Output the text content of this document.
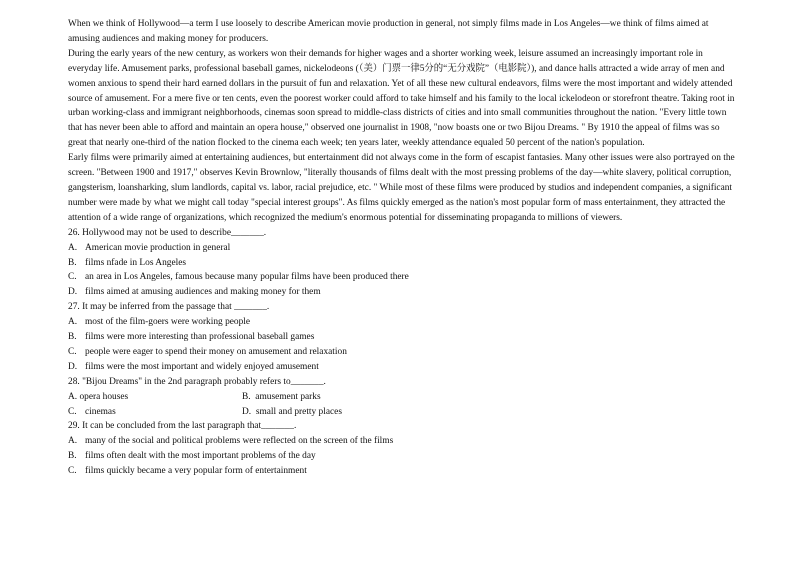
When we think of Hollywood—a term I use loosely to describe American movie production in general, not simply films made in Los Angeles—we think of films aimed at amusing audiences and making money for producers.

During the early years of the new century, as workers won their demands for higher wages and a shorter working week, leisure assumed an increasingly important role in everyday life. Amusement parks, professional baseball games, nickelodeons (（美）门票一律5分的“无分戏院”（电影院）), and dance halls attracted a wide array of men and women anxious to spend their hard earned dollars in the pursuit of fun and relaxation. Yet of all these new cultural endeavors, films were the most important and widely attended source of amusement. For a mere five or ten cents, even the poorest worker could afford to take himself and his family to the local ickelodeon or storefront theatre. Taking root in urban working-class and immigrant neighborhoods, cinemas soon spread to middle-class districts of cities and into small communities throughout the nation. "Every little town that has never been able to afford and maintain an opera house," observed one journalist in 1908, "now boasts one or two Bijou Dreams. " By 1910 the appeal of films was so great that nearly one-third of the nation flocked to the cinema each week; ten years later, weekly attendance equaled 50 percent of the nation's population.

Early films were primarily aimed at entertaining audiences, but entertainment did not always come in the form of escapist fantasies. Many other issues were also portrayed on the screen. "Between 1900 and 1917," observes Kevin Brownlow, "literally thousands of films dealt with the most pressing problems of the day—white slavery, political corruption, gangsterism, loansharking, slum landlords, capital vs. labor, racial prejudice, etc. " While most of these films were produced by studios and independent companies, a significant number were made by what we might call today "special interest groups". As films quickly emerged as the nation's most popular form of mass entertainment, they attracted the attention of a wide range of organizations, which recognized the medium's enormous potential for disseminating propaganda to millions of viewers.

26. Hollywood may not be used to describe_______.

A. American movie production in general
B. films nfade in Los Angeles
C. an area in Los Angeles, famous because many popular films have been produced there
D. films aimed at amusing audiences and making money for them

27. It may be inferred from the passage that _______.

A. most of the film-goers were working people
B. films were more interesting than professional baseball games
C. people were eager to spend their money on amusement and relaxation
D. films were the most important and widely enjoyed amusement

28. "Bijou Dreams" in the 2nd paragraph probably refers to_______.

A.
opera houses	B.
amusement parks
C. cinemas	D.
small and pretty places

29. It can be concluded from the last paragraph that_______.

A. many of the social and political problems were reflected on the screen of the films
B. films often dealt with the most important problems of the day
C. films quickly became a very popular form of entertainment
